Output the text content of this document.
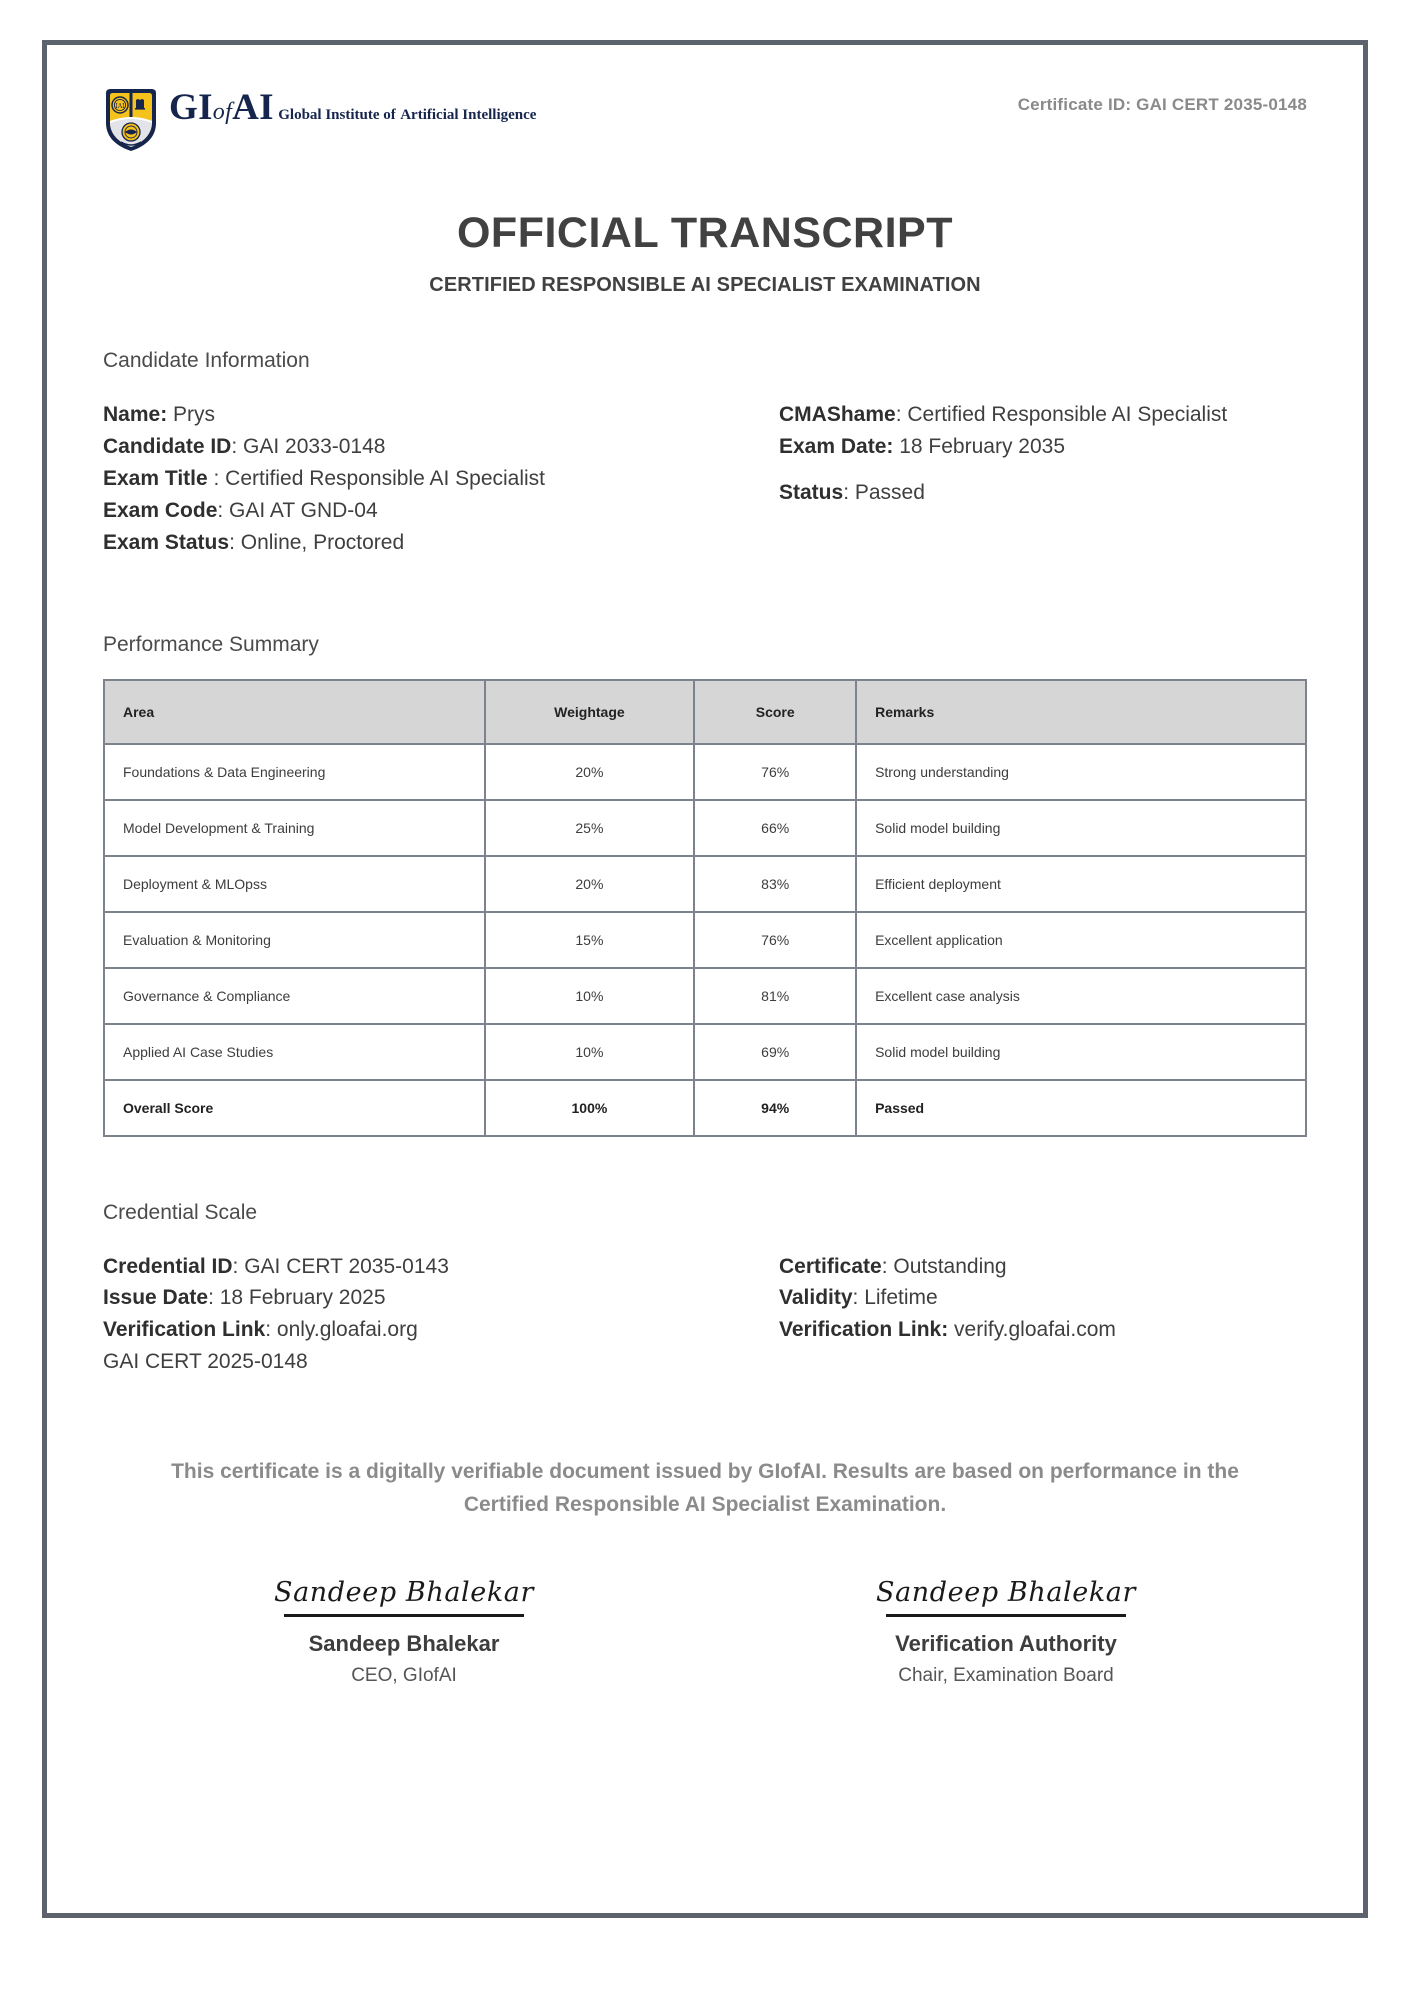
IAI GIofAI Global Institute of Artificial Intelligence
Certificate ID: GAI CERT 2035-0148
OFFICIAL TRANSCRIPT
CERTIFIED RESPONSIBLE AI SPECIALIST EXAMINATION
Candidate Information
Name: Prys
Candidate ID: GAI 2033-0148
Exam Title : Certified Responsible AI Specialist
Exam Code: GAI AT GND-04
Exam Status: Online, Proctored
CMAShame: Certified Responsible AI Specialist
Exam Date: 18 February 2035
Status: Passed
Performance Summary
Area	Weightage	Score	Remarks
Foundations & Data Engineering	20%	76%	Strong understanding
Model Development & Training	25%	66%	Solid model building
Deployment & MLOpss	20%	83%	Efficient deployment
Evaluation & Monitoring	15%	76%	Excellent application
Governance & Compliance	10%	81%	Excellent case analysis
Applied AI Case Studies	10%	69%	Solid model building
Overall Score	100%	94%	Passed
Credential Scale
Credential ID: GAI CERT 2035-0143
Issue Date: 18 February 2025
Verification Link: only.gloafai.org
GAI CERT 2025-0148
Certificate: Outstanding
Validity: Lifetime
Verification Link: verify.gloafai.com
This certificate is a digitally verifiable document issued by GIofAI. Results are based on performance in the Certified Responsible AI Specialist Examination.
Sandeep Bhalekar
Sandeep Bhalekar
CEO, GIofAI
Sandeep Bhalekar
Verification Authority
Chair, Examination Board
